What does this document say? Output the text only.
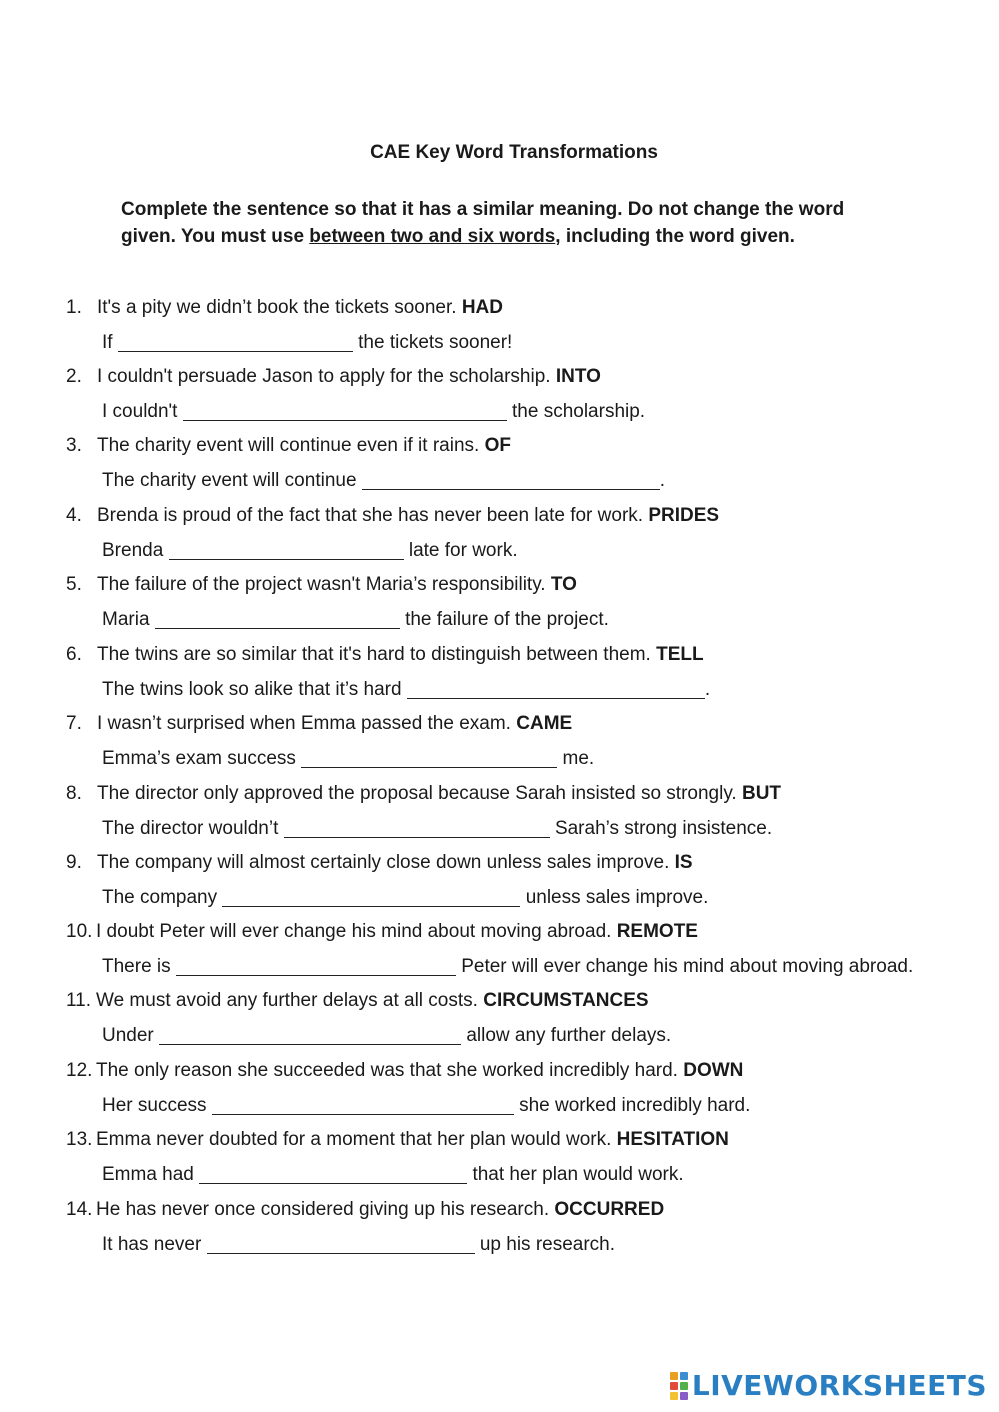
CAE Key Word Transformations
Complete the sentence so that it has a similar meaning. Do not change the word given. You must use between two and six words, including the word given.
1. It's a pity we didn’t book the tickets sooner. HAD
If	the tickets sooner!
2. I couldn't persuade Jason to apply for the scholarship. INTO
I couldn't	the scholarship.
3. The charity event will continue even if it rains. OF
The charity event will continue	.
4. Brenda is proud of the fact that she has never been late for work. PRIDES
Brenda	late for work.
5. The failure of the project wasn't Maria’s responsibility. TO
Maria	the failure of the project.
6. The twins are so similar that it's hard to distinguish between them. TELL
The twins look so alike that it’s hard	.
7. I wasn’t surprised when Emma passed the exam. CAME
Emma’s exam success	me.
8. The director only approved the proposal because Sarah insisted so strongly. BUT
The director wouldn’t	Sarah’s strong insistence.
9. The company will almost certainly close down unless sales improve. IS
The company	unless sales improve.
10. I doubt Peter will ever change his mind about moving abroad. REMOTE
There is	Peter will ever change his mind about moving abroad.
11. We must avoid any further delays at all costs. CIRCUMSTANCES
Under	allow any further delays.
12. The only reason she succeeded was that she worked incredibly hard. DOWN
Her success	she worked incredibly hard.
13. Emma never doubted for a moment that her plan would work. HESITATION
Emma had	that her plan would work.
14. He has never once considered giving up his research. OCCURRED
It has never	up his research.
LIVEWORKSHEETS
